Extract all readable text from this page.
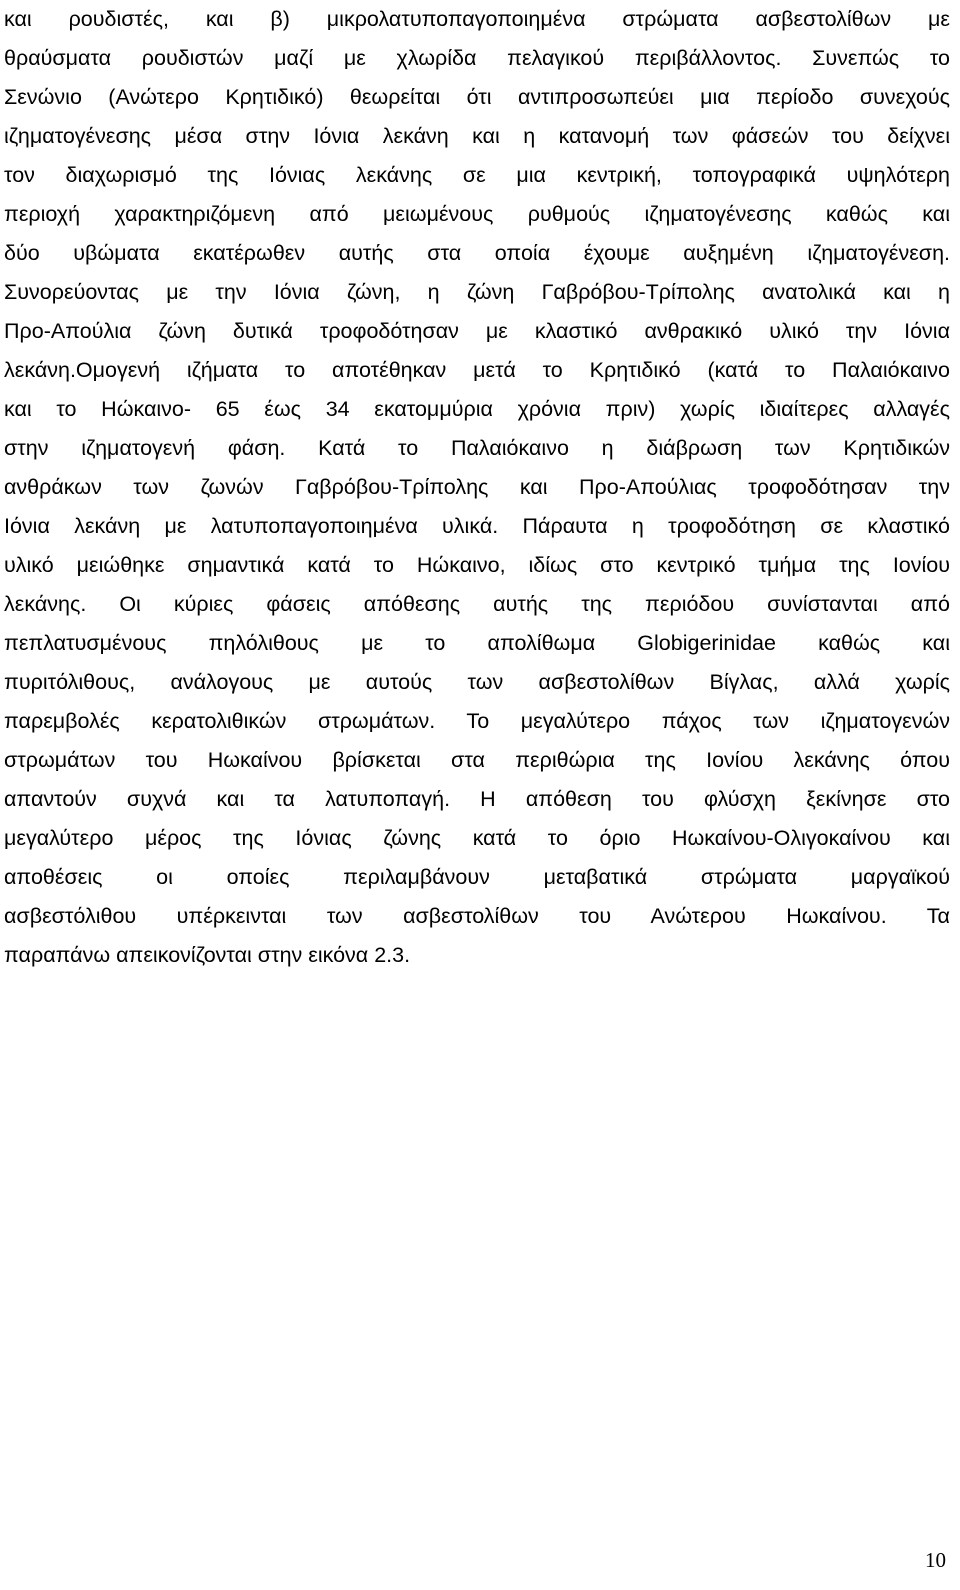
και ρουδιστές, και β) μικρολατυποπαγοποιημένα στρώματα ασβεστολίθων με
θραύσματα ρουδιστών μαζί με χλωρίδα πελαγικού περιβάλλοντος. Συνεπώς το
Σενώνιο (Ανώτερο Κρητιδικό) θεωρείται ότι αντιπροσωπεύει μια περίοδο συνεχούς
ιζηματογένεσης μέσα στην Ιόνια λεκάνη και η κατανομή των φάσεών του δείχνει
τον διαχωρισμό της Ιόνιας λεκάνης σε μια κεντρική, τοπογραφικά υψηλότερη
περιοχή χαρακτηριζόμενη από μειωμένους ρυθμούς ιζηματογένεσης καθώς και
δύο υβώματα εκατέρωθεν αυτής στα οποία έχουμε αυξημένη ιζηματογένεση.
Συνορεύοντας με την Ιόνια ζώνη, η ζώνη Γαβρόβου-Τρίπολης ανατολικά και η
Προ-Απούλια ζώνη δυτικά τροφοδότησαν με κλαστικό ανθρακικό υλικό την Ιόνια
λεκάνη.Ομογενή ιζήματα το αποτέθηκαν μετά το Κρητιδικό (κατά το Παλαιόκαινο
και το Ηώκαινο- 65 έως 34 εκατομμύρια χρόνια πριν) χωρίς ιδιαίτερες αλλαγές
στην ιζηματογενή φάση. Κατά το Παλαιόκαινο η διάβρωση των Κρητιδικών
ανθράκων των ζωνών Γαβρόβου-Τρίπολης και Προ-Απούλιας τροφοδότησαν την
Ιόνια λεκάνη με λατυποπαγοποιημένα υλικά. Πάραυτα η τροφοδότηση σε κλαστικό
υλικό μειώθηκε σημαντικά κατά το Ηώκαινο, ιδίως στο κεντρικό τμήμα της Ιονίου
λεκάνης. Οι κύριες φάσεις απόθεσης αυτής της περιόδου συνίστανται από
πεπλατυσμένους πηλόλιθους με το απολίθωμα Globigerinidae καθώς και
πυριτόλιθους, ανάλογους με αυτούς των ασβεστολίθων Βίγλας, αλλά χωρίς
παρεμβολές κερατολιθικών στρωμάτων. Το μεγαλύτερο πάχος των ιζηματογενών
στρωμάτων του Ηωκαίνου βρίσκεται στα περιθώρια της Ιονίου λεκάνης όπου
απαντούν συχνά και τα λατυποπαγή. Η απόθεση του φλύσχη ξεκίνησε στο
μεγαλύτερο μέρος της Ιόνιας ζώνης κατά το όριο Ηωκαίνου-Ολιγοκαίνου και
αποθέσεις οι οποίες περιλαμβάνουν μεταβατικά στρώματα μαργαϊκού
ασβεστόλιθου υπέρκεινται των ασβεστολίθων του Ανώτερου Ηωκαίνου. Τα
παραπάνω απεικονίζονται στην εικόνα 2.3.
10
